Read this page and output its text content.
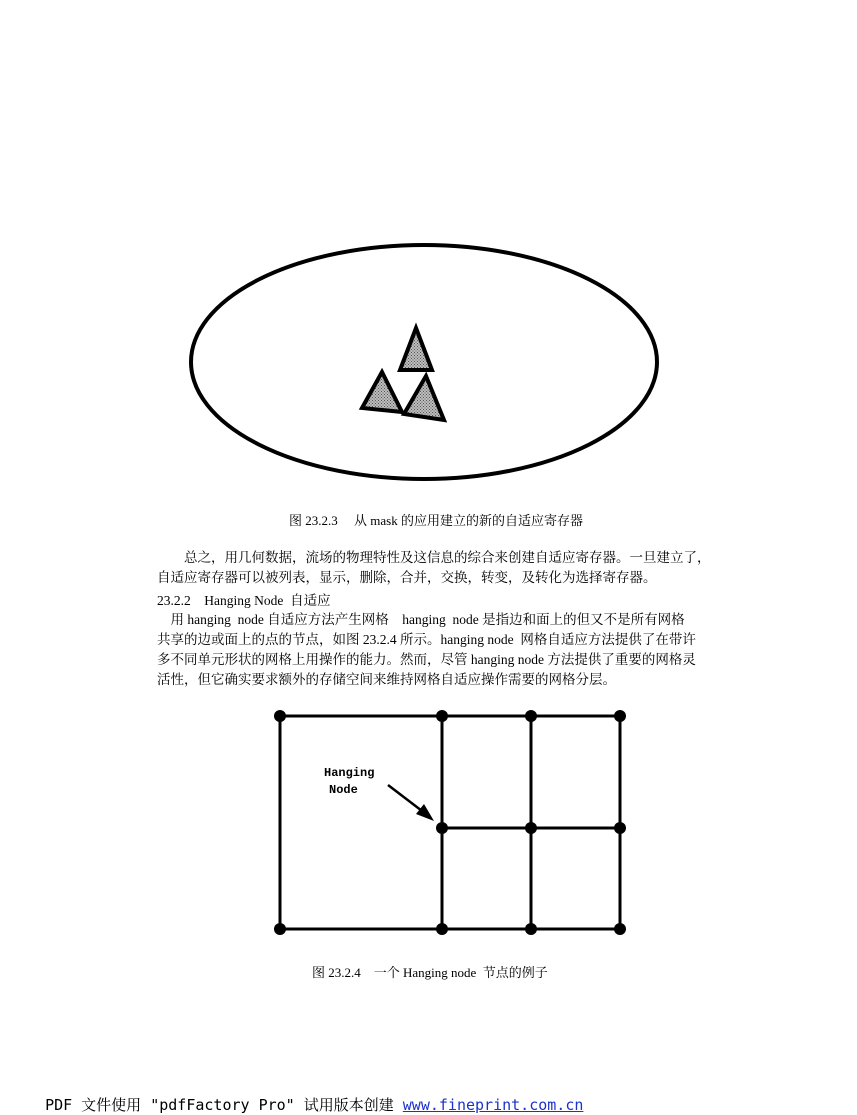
图 23.2.3　 从 mask 的应用建立的新的自适应寄存器
　　总之，用几何数据，流场的物理特性及这信息的综合来创建自适应寄存器。一旦建立了，
自适应寄存器可以被列表，显示，删除，合并，交换，转变，及转化为选择寄存器。
23.2.2　Hanging Node  自适应
　用 hanging  node 自适应方法产生网格　hanging  node 是指边和面上的但又不是所有网格
共享的边或面上的点的节点，如图 23.2.4 所示。hanging node  网格自适应方法提供了在带许
多不同单元形状的网格上用操作的能力。然而，尽管 hanging node 方法提供了重要的网格灵
活性，但它确实要求额外的存储空间来维持网格自适应操作需要的网格分层。
Hanging
Node
图 23.2.4　一个 Hanging node  节点的例子

PDF 文件使用 "pdfFactory Pro" 试用版本创建 www.fineprint.com.cn
